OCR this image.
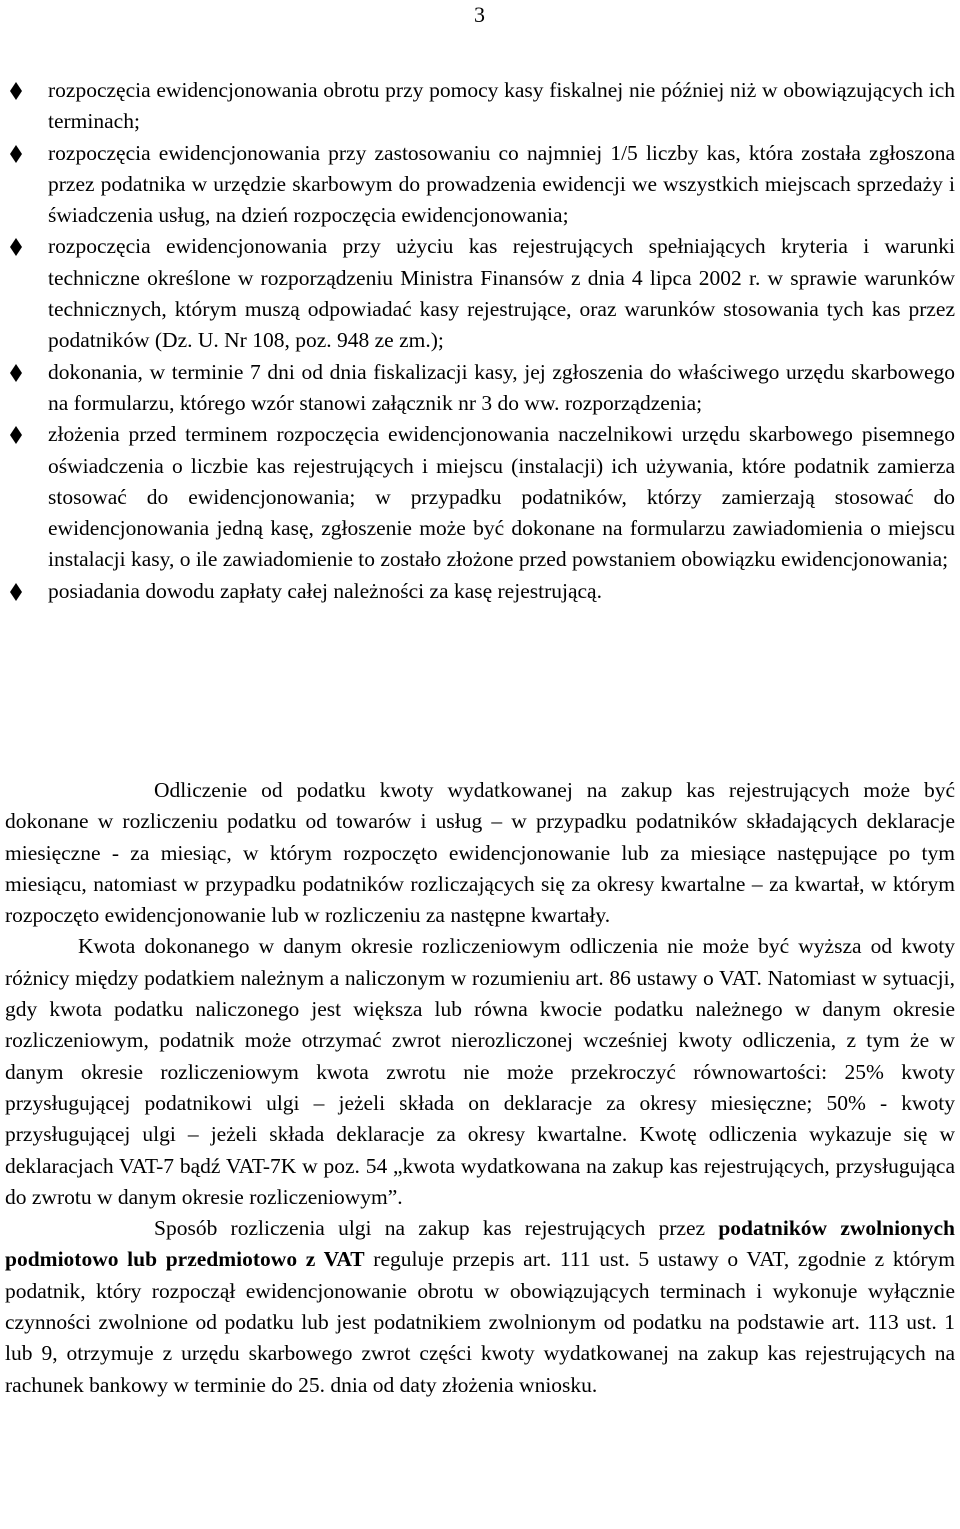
3
rozpoczęcia ewidencjonowania obrotu przy pomocy kasy fiskalnej nie później niż w obowiązujących ich terminach;
rozpoczęcia ewidencjonowania przy zastosowaniu co najmniej 1/5 liczby kas, która została zgłoszona przez podatnika w urzędzie skarbowym do prowadzenia ewidencji we wszystkich miejscach sprzedaży i świadczenia usług, na dzień rozpoczęcia ewidencjonowania;
rozpoczęcia ewidencjonowania przy użyciu kas rejestrujących spełniających kryteria i warunki techniczne określone w rozporządzeniu Ministra Finansów z dnia 4 lipca 2002 r. w sprawie warunków technicznych, którym muszą odpowiadać kasy rejestrujące, oraz warunków stosowania tych kas przez podatników (Dz. U. Nr 108, poz. 948 ze zm.);
dokonania, w terminie 7 dni od dnia fiskalizacji kasy, jej zgłoszenia do właściwego urzędu skarbowego na formularzu, którego wzór stanowi załącznik nr 3 do ww. rozporządzenia;
złożenia przed terminem rozpoczęcia ewidencjonowania naczelnikowi urzędu skarbowego pisemnego oświadczenia o liczbie kas rejestrujących i miejscu (instalacji) ich używania, które podatnik zamierza stosować do ewidencjonowania; w przypadku podatników, którzy zamierzają stosować do ewidencjonowania jedną kasę, zgłoszenie może być dokonane na formularzu zawiadomienia o miejscu instalacji kasy, o ile zawiadomienie to zostało złożone przed powstaniem obowiązku ewidencjonowania;
posiadania dowodu zapłaty całej należności za kasę rejestrującą.

Odliczenie od podatku kwoty wydatkowanej na zakup kas rejestrujących może być dokonane w rozliczeniu podatku od towarów i usług – w przypadku podatników składających deklaracje miesięczne - za miesiąc, w którym rozpoczęto ewidencjonowanie lub za miesiące następujące po tym miesiącu, natomiast w przypadku podatników rozliczających się za okresy kwartalne – za kwartał, w którym rozpoczęto ewidencjonowanie lub w rozliczeniu za następne kwartały.

Kwota dokonanego w danym okresie rozliczeniowym odliczenia nie może być wyższa od kwoty różnicy między podatkiem należnym a naliczonym w rozumieniu art. 86 ustawy o VAT. Natomiast w sytuacji, gdy kwota podatku naliczonego jest większa lub równa kwocie podatku należnego w danym okresie rozliczeniowym, podatnik może otrzymać zwrot nierozliczonej wcześniej kwoty odliczenia, z tym że w danym okresie rozliczeniowym kwota zwrotu nie może przekroczyć równowartości: 25% kwoty przysługującej podatnikowi ulgi – jeżeli składa on deklaracje za okresy miesięczne; 50% - kwoty przysługującej ulgi – jeżeli składa deklaracje za okresy kwartalne. Kwotę odliczenia wykazuje się w deklaracjach VAT-7 bądź VAT-7K w poz. 54 „kwota wydatkowana na zakup kas rejestrujących, przysługująca do zwrotu w danym okresie rozliczeniowym”.

Sposób rozliczenia ulgi na zakup kas rejestrujących przez podatników zwolnionych podmiotowo lub przedmiotowo z VAT reguluje przepis art. 111 ust. 5 ustawy o VAT, zgodnie z którym podatnik, który rozpoczął ewidencjonowanie obrotu w obowiązujących terminach i wykonuje wyłącznie czynności zwolnione od podatku lub jest podatnikiem zwolnionym od podatku na podstawie art. 113 ust. 1 lub 9, otrzymuje z urzędu skarbowego zwrot części kwoty wydatkowanej na zakup kas rejestrujących na rachunek bankowy w terminie do 25. dnia od daty złożenia wniosku.
